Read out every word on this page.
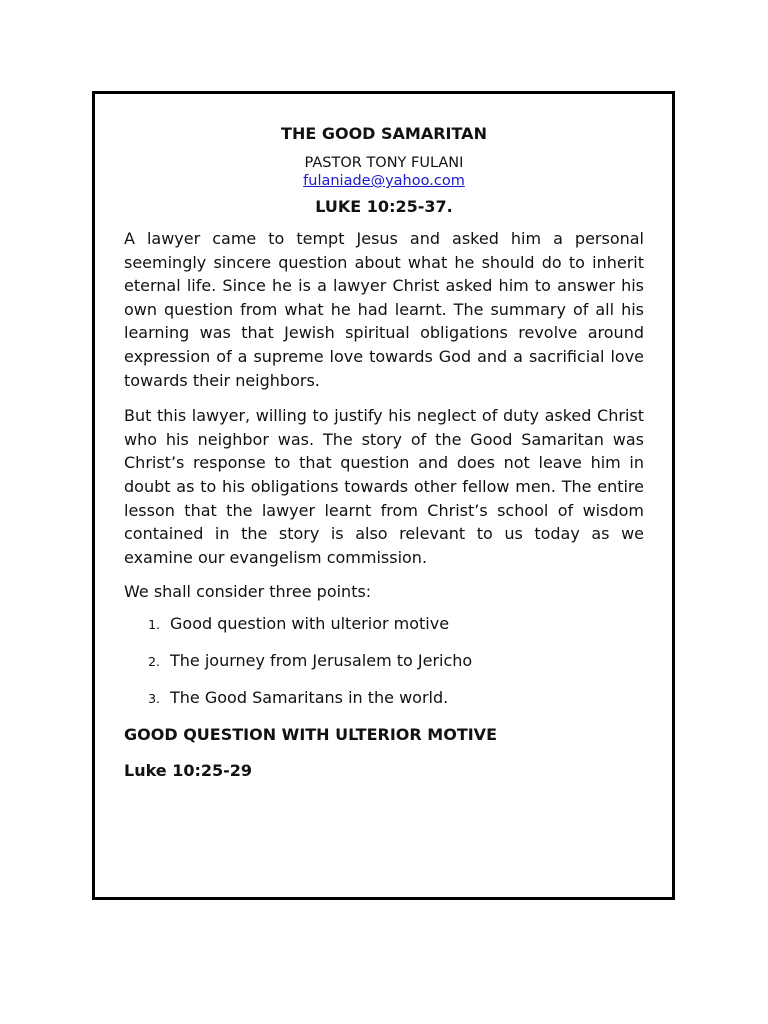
THE GOOD SAMARITAN

PASTOR TONY FULANI

fulaniade@yahoo.com

LUKE 10:25-37.

A lawyer came to tempt Jesus and asked him a personal seemingly sincere question about what he should do to inherit eternal life. Since he is a lawyer Christ asked him to answer his own question from what he had learnt. The summary of all his learning was that Jewish spiritual obligations revolve around expression of a supreme love towards God and a sacrificial love towards their neighbors.

But this lawyer, willing to justify his neglect of duty asked Christ who his neighbor was. The story of the Good Samaritan was Christ’s response to that question and does not leave him in doubt as to his obligations towards other fellow men. The entire lesson that the lawyer learnt from Christ’s school of wisdom contained in the story is also relevant to us today as we examine our evangelism commission.

We shall consider three points:

1. Good question with ulterior motive
2. The journey from Jerusalem to Jericho
3. The Good Samaritans in the world.

GOOD QUESTION WITH ULTERIOR MOTIVE

Luke 10:25-29
